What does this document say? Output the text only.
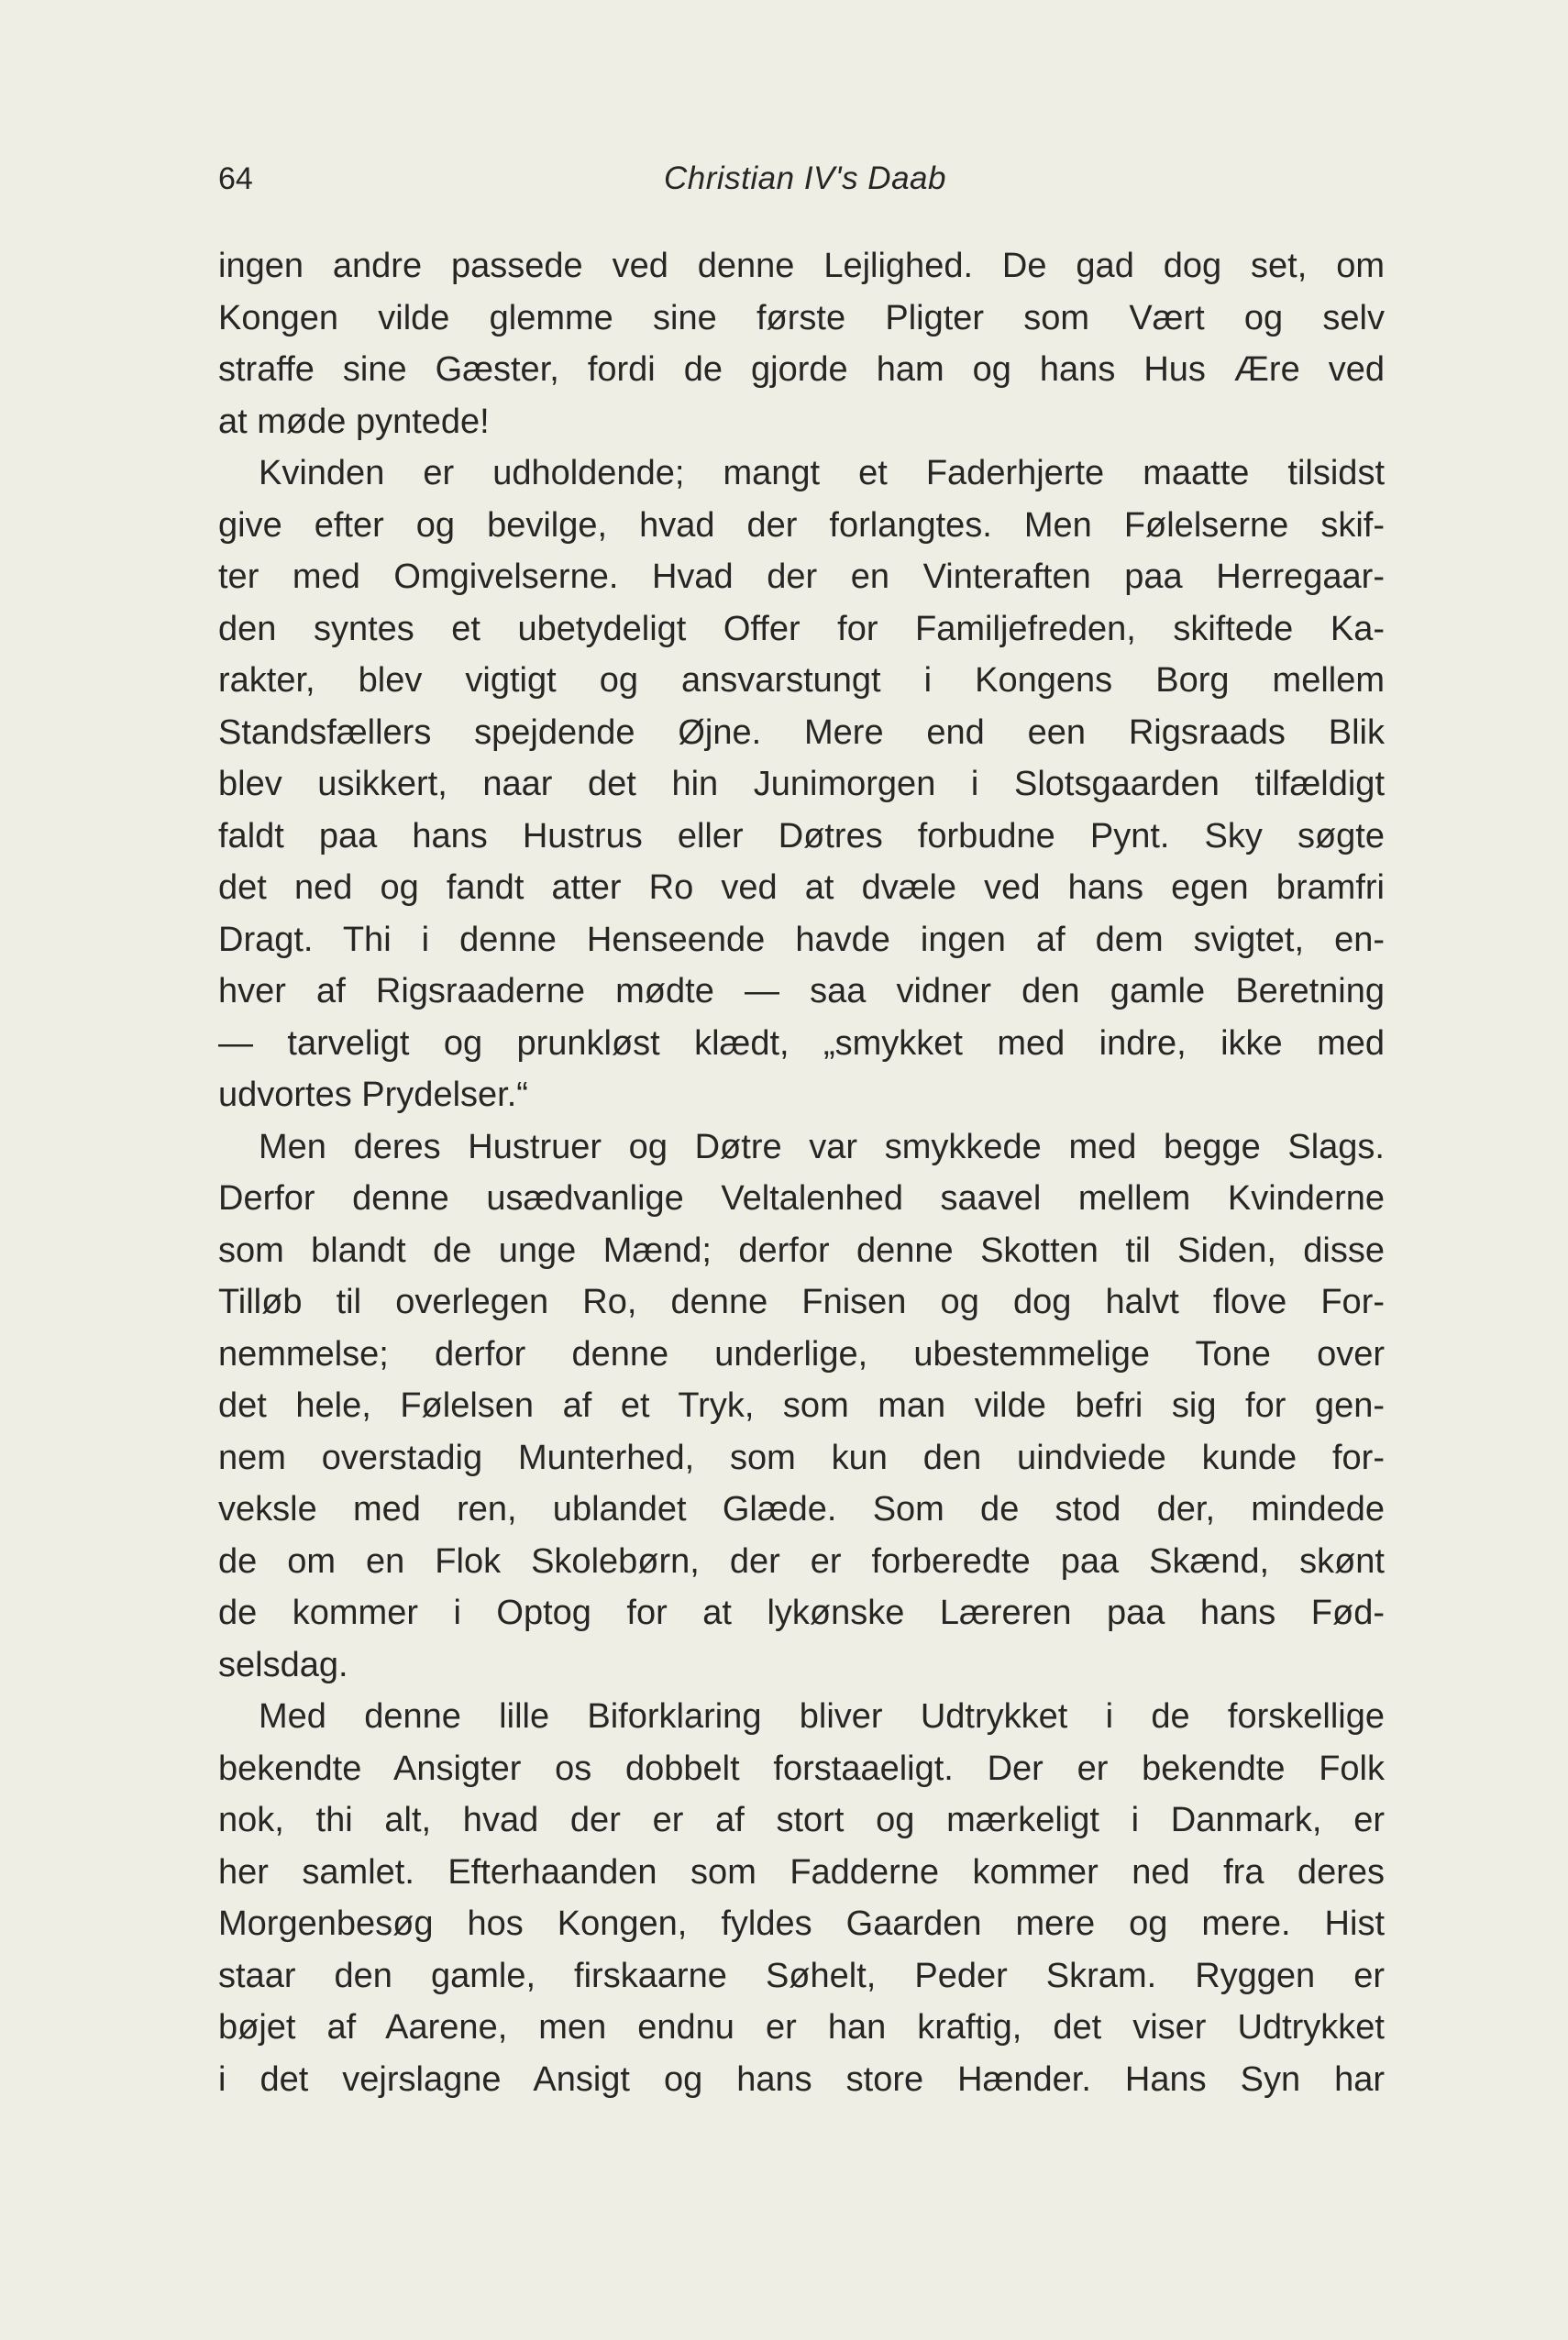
64	Christian IV's Daab
ingen andre passede ved denne Lejlighed. De gad dog set, om
Kongen vilde glemme sine første Pligter som Vært og selv
straffe sine Gæster, fordi de gjorde ham og hans Hus Ære ved
at møde pyntede!
Kvinden er udholdende; mangt et Faderhjerte maatte tilsidst
give efter og bevilge, hvad der forlangtes. Men Følelserne skif-
ter med Omgivelserne. Hvad der en Vinteraften paa Herregaar-
den syntes et ubetydeligt Offer for Familjefreden, skiftede Ka-
rakter, blev vigtigt og ansvarstungt i Kongens Borg mellem
Standsfællers spejdende Øjne. Mere end een Rigsraads Blik
blev usikkert, naar det hin Junimorgen i Slotsgaarden tilfældigt
faldt paa hans Hustrus eller Døtres forbudne Pynt. Sky søgte
det ned og fandt atter Ro ved at dvæle ved hans egen bramfri
Dragt. Thi i denne Henseende havde ingen af dem svigtet, en-
hver af Rigsraaderne mødte — saa vidner den gamle Beretning
— tarveligt og prunkløst klædt, „smykket med indre, ikke med
udvortes Prydelser.“
Men deres Hustruer og Døtre var smykkede med begge Slags.
Derfor denne usædvanlige Veltalenhed saavel mellem Kvinderne
som blandt de unge Mænd; derfor denne Skotten til Siden, disse
Tilløb til overlegen Ro, denne Fnisen og dog halvt flove For-
nemmelse; derfor denne underlige, ubestemmelige Tone over
det hele, Følelsen af et Tryk, som man vilde befri sig for gen-
nem overstadig Munterhed, som kun den uindviede kunde for-
veksle med ren, ublandet Glæde. Som de stod der, mindede
de om en Flok Skolebørn, der er forberedte paa Skænd, skønt
de kommer i Optog for at lykønske Læreren paa hans Fød-
selsdag.
Med denne lille Biforklaring bliver Udtrykket i de forskellige
bekendte Ansigter os dobbelt forstaaeligt. Der er bekendte Folk
nok, thi alt, hvad der er af stort og mærkeligt i Danmark, er
her samlet. Efterhaanden som Fadderne kommer ned fra deres
Morgenbesøg hos Kongen, fyldes Gaarden mere og mere. Hist
staar den gamle, firskaarne Søhelt, Peder Skram. Ryggen er
bøjet af Aarene, men endnu er han kraftig, det viser Udtrykket
i det vejrslagne Ansigt og hans store Hænder. Hans Syn har
